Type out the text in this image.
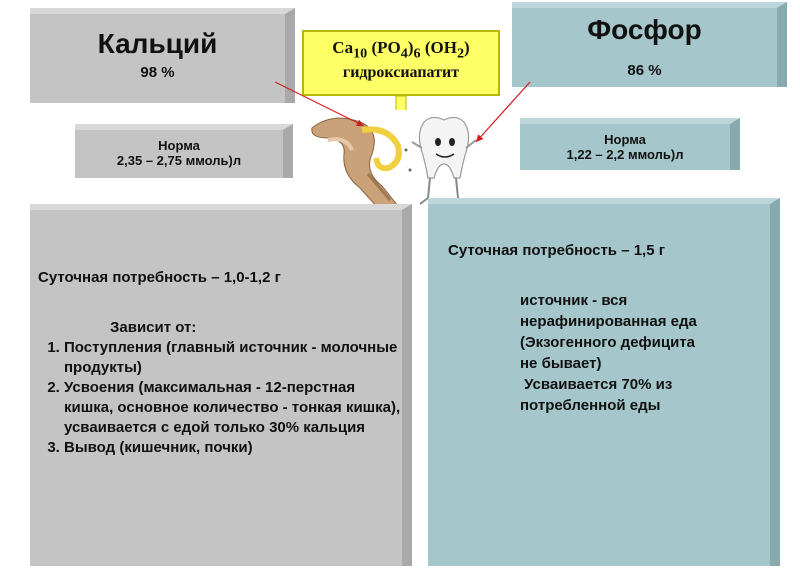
Кальций
98 %
Фосфор
86 %
$Ca_{10}$ $(PO_4)_6$ $(OH_2)$
гидроксиапатит
Норма
2,35 – 2,75 ммоль)л
Норма
1,22 – 2,2 ммоль)л
Суточная потребность – 1,0-1,2 г
Зависит от:
1. Поступления (главный источник - молочные продукты)
2. Усвоения (максимальная - 12-перстная кишка, основное количество - тонкая кишка), усваивается с едой только 30% кальция
3. Вывод (кишечник, почки)
Суточная потребность – 1,5 г
источник - вся
нерафинированная еда
(Экзогенного дефицита
не бывает)
Усваивается 70% из
потребленной еды
